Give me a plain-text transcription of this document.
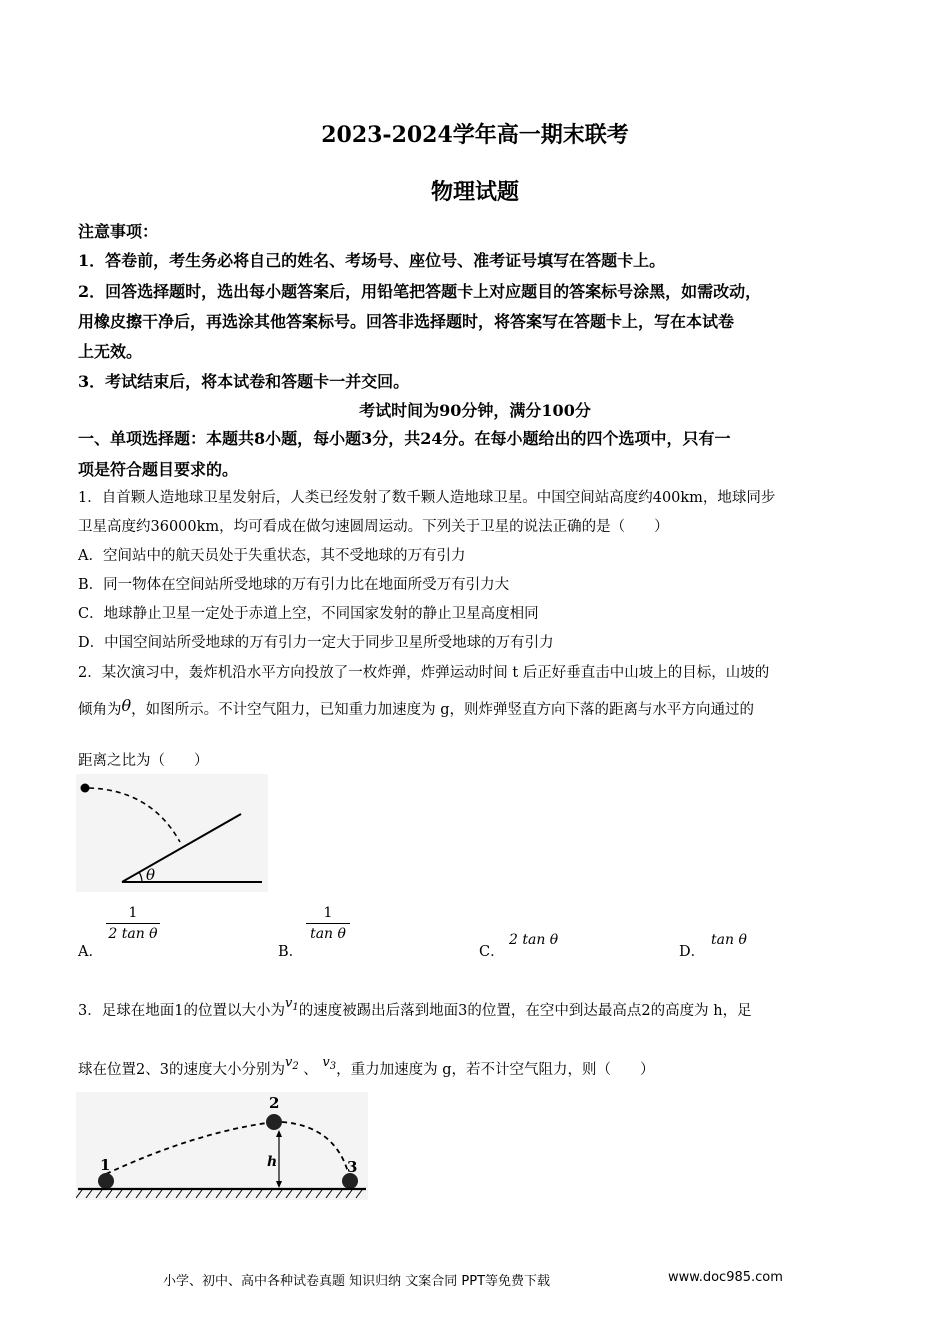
2023-2024学年高一期末联考
物理试题
注意事项：
1．答卷前，考生务必将自己的姓名、考场号、座位号、准考证号填写在答题卡上。
2．回答选择题时，选出每小题答案后，用铅笔把答题卡上对应题目的答案标号涂黑，如需改动，
用橡皮擦干净后，再选涂其他答案标号。回答非选择题时，将答案写在答题卡上，写在本试卷
上无效。
3．考试结束后，将本试卷和答题卡一并交回。
考试时间为90分钟，满分100分
一、单项选择题：本题共8小题，每小题3分，共24分。在每小题给出的四个选项中，只有一
项是符合题目要求的。
1．自首颗人造地球卫星发射后，人类已经发射了数千颗人造地球卫星。中国空间站高度约400km，地球同步
卫星高度约36000km，均可看成在做匀速圆周运动。下列关于卫星的说法正确的是（　　）
A．空间站中的航天员处于失重状态，其不受地球的万有引力
B．同一物体在空间站所受地球的万有引力比在地面所受万有引力大
C．地球静止卫星一定处于赤道上空，不同国家发射的静止卫星高度相同
D．中国空间站所受地球的万有引力一定大于同步卫星所受地球的万有引力
2．某次演习中，轰炸机沿水平方向投放了一枚炸弹，炸弹运动时间 t 后正好垂直击中山坡上的目标，山坡的
倾角为θ，如图所示。不计空气阻力，已知重力加速度为 g，则炸弹竖直方向下落的距离与水平方向通过的
距离之比为（　　）
θ
A．
1
2 tan θ
B．
1
tan θ
C．
2 tan θ
D．
tan θ
3．足球在地面1的位置以大小为$v_1$的速度被踢出后落到地面3的位置，在空中到达最高点2的高度为 h，足
球在位置2、3的速度大小分别为$v_2$ 、 $v_3$，重力加速度为 g，若不计空气阻力，则（　　）
1
2
3
h
小学、初中、高中各种试卷真题 知识归纳 文案合同 PPT等免费下载	www.doc985.com
